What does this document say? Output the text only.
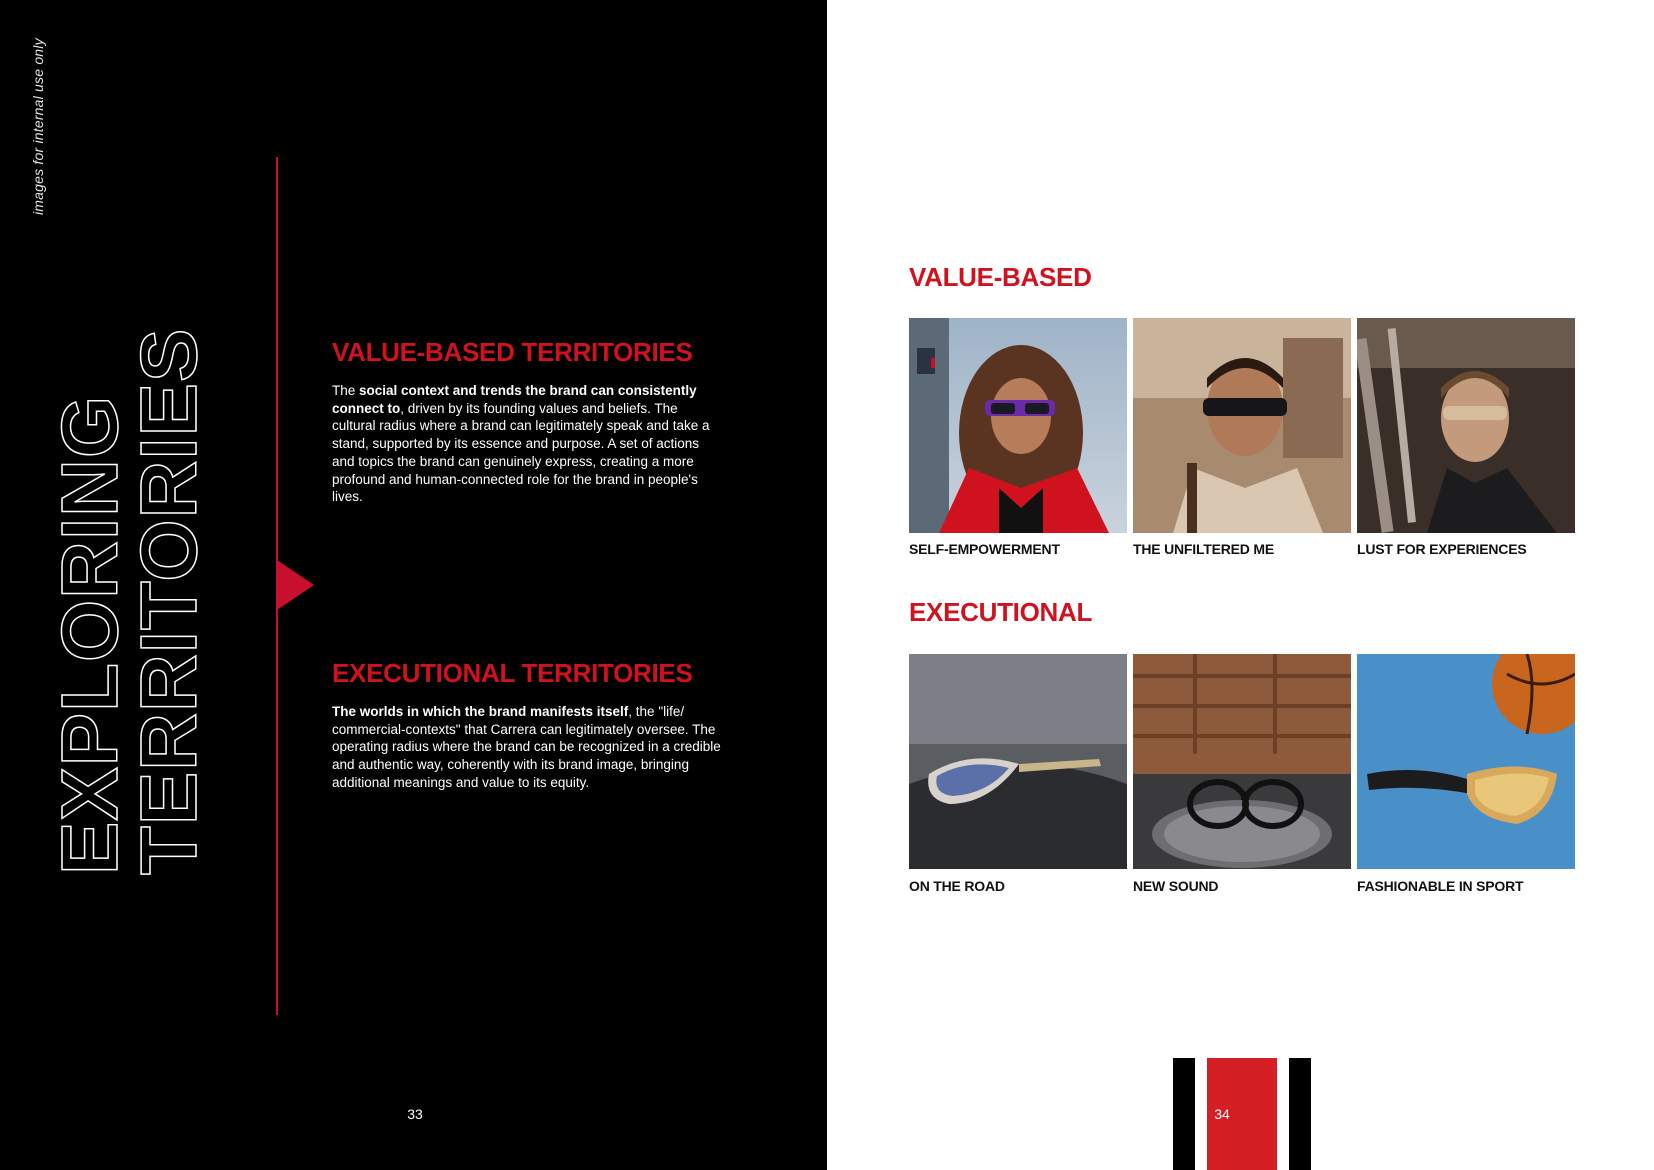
images for internal use only
EXPLORING
TERRITORIES	VALUE-BASED TERRITORIES

The social context and trends the brand can consistently connect to, driven by its founding values and beliefs. The cultural radius where a brand can legitimately speak and take a stand, supported by its essence and purpose. A set of actions and topics the brand can genuinely express, creating a more profound and human-connected role for the brand in people's lives.

EXECUTIONAL TERRITORIES

The worlds in which the brand manifests itself, the "life/ commercial-contexts" that Carrera can legitimately oversee. The operating radius where the brand can be recognized in a credible and authentic way, coherently with its brand image, bringing additional meanings and value to its equity.

33
VALUE-BASED
SELF-EMPOWERMENT	THE UNFILTERED ME	LUST FOR EXPERIENCES
EXECUTIONAL
ON THE ROAD	NEW SOUND	FASHIONABLE IN SPORT
34
